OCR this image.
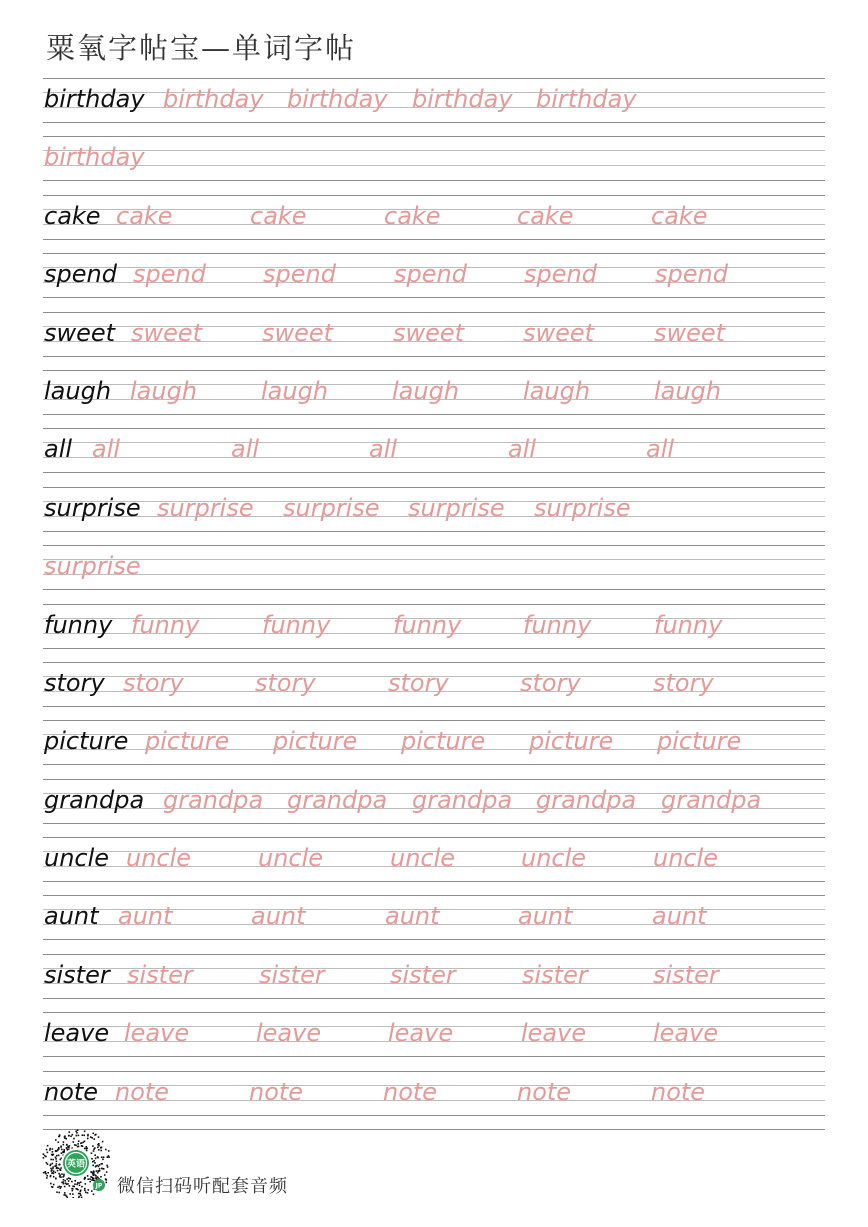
粟氧字帖宝—单词字帖
birthday birthday birthday birthday birthday
birthday
cake cake	cake	cake	cake	cake
spend spend spend spend spend spend
sweet sweet sweet sweet sweet sweet
laugh laugh	laugh	laugh	laugh	laugh
all all	all	all	all	all
surprise surprise surprise surprise surprise
surprise
funny funny	funny	funny	funny	funny
story story	story	story	story	story
picture picture picture picture picture picture
grandpa grandpa grandpa grandpa grandpa grandpa
uncle uncle	uncle	uncle	uncle	uncle
aunt aunt	aunt	aunt	aunt	aunt
sister sister	sister	sister	sister	sister
leave leave	leave	leave	leave	leave
note note	note	note	note	note
英语
JP 微信扫码听配套音频
